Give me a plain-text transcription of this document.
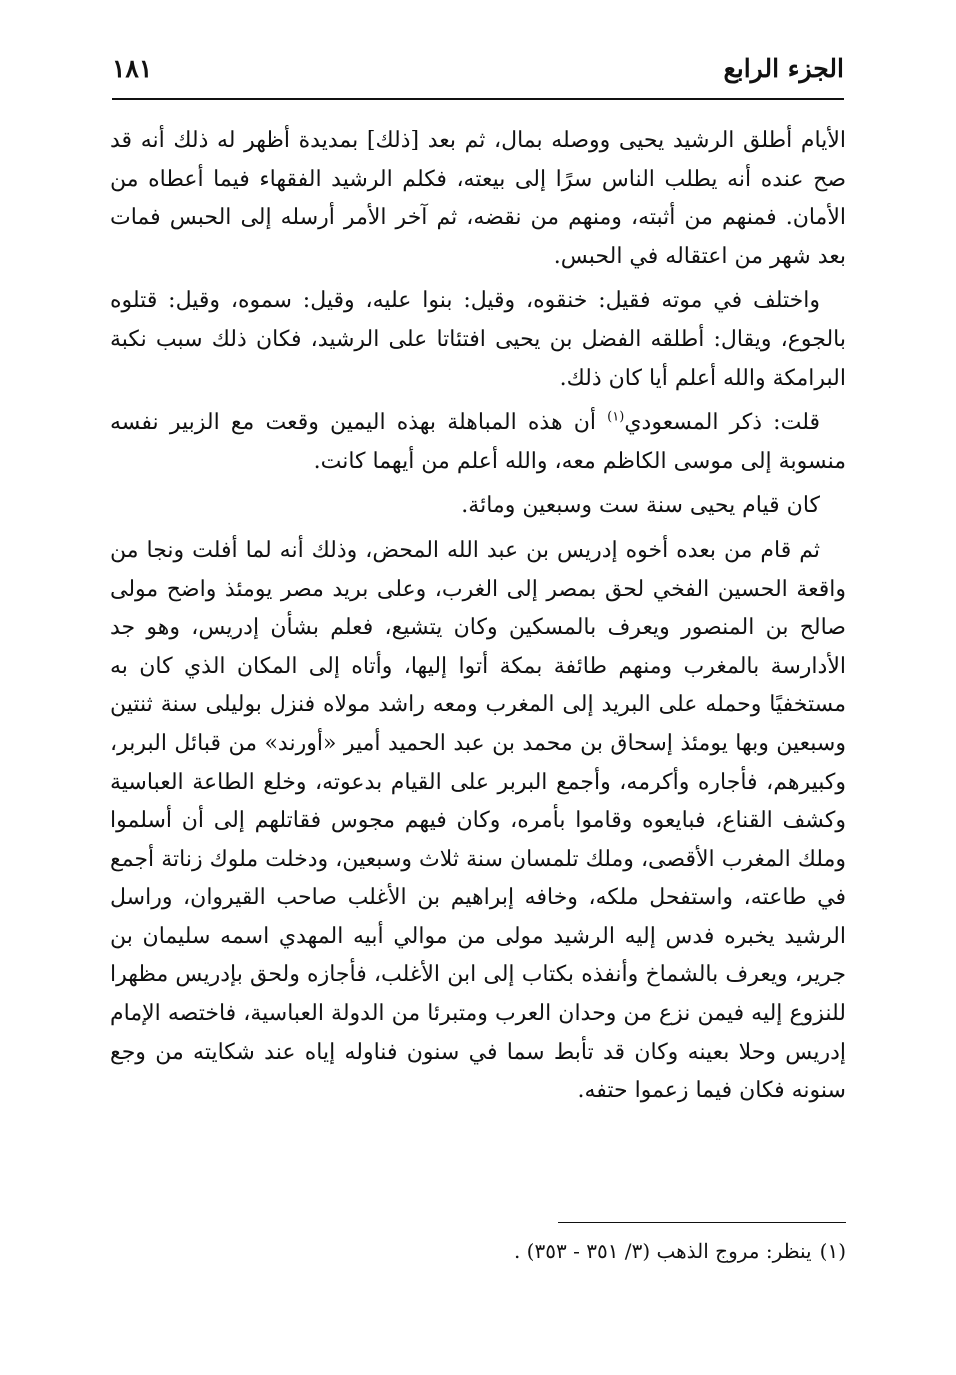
الجزء الرابع
١٨١

الأيام أطلق الرشيد يحيى ووصله بمال، ثم بعد [ذلك] بمديدة أظهر له ذلك أنه قد صح عنده أنه يطلب الناس سرًا إلى بيعته، فكلم الرشيد الفقهاء فيما أعطاه من الأمان. فمنهم من أثبته، ومنهم من نقضه، ثم آخر الأمر أرسله إلى الحبس فمات بعد شهر من اعتقاله في الحبس.

واختلف في موته فقيل: خنقوه، وقيل: بنوا عليه، وقيل: سموه، وقيل: قتلوه بالجوع، ويقال: أطلقه الفضل بن يحيى افتئاتا على الرشيد، فكان ذلك سبب نكبة البرامكة والله أعلم أيا كان ذلك.

قلت: ذكر المسعودي$^{(١)}$ أن هذه المباهلة بهذه اليمين وقعت مع الزبير نفسه منسوبة إلى موسى الكاظم معه، والله أعلم من أيهما كانت.

كان قيام يحيى سنة ست وسبعين ومائة.

ثم قام من بعده أخوه إدريس بن عبد الله المحض، وذلك أنه لما أفلت ونجا من واقعة الحسين الفخي لحق بمصر إلى الغرب، وعلى بريد مصر يومئذ واضح مولى صالح بن المنصور ويعرف بالمسكين وكان يتشيع، فعلم بشأن إدريس، وهو جد الأدارسة بالمغرب ومنهم طائفة بمكة أتوا إليها، وأتاه إلى المكان الذي كان به مستخفيًا وحمله على البريد إلى المغرب ومعه راشد مولاه فنزل بوليلى سنة ثنتين وسبعين وبها يومئذ إسحاق بن محمد بن عبد الحميد أمير «أورند» من قبائل البربر، وكبيرهم، فأجاره وأكرمه، وأجمع البربر على القيام بدعوته، وخلع الطاعة العباسية وكشف القناع، فبايعوه وقاموا بأمره، وكان فيهم مجوس فقاتلهم إلى أن أسلموا وملك المغرب الأقصى، وملك تلمسان سنة ثلاث وسبعين، ودخلت ملوك زناتة أجمع في طاعته، واستفحل ملكه، وخافه إبراهيم بن الأغلب صاحب القيروان، وراسل الرشيد يخبره فدس إليه الرشيد مولى من موالي أبيه المهدي اسمه سليمان بن جرير، ويعرف بالشماخ وأنفذه بكتاب إلى ابن الأغلب، فأجازه ولحق بإدريس مظهرا للنزوع إليه فيمن نزع من وحدان العرب ومتبرئا من الدولة العباسية، فاختصه الإمام إدريس وحلا بعينه وكان قد تأبط سما في سنون فناوله إياه عند شكايته من وجع سنونه فكان فيما زعموا حتفه.

(١)ينظر: مروج الذهب (٣/ ٣٥١ - ٣٥٣) .
